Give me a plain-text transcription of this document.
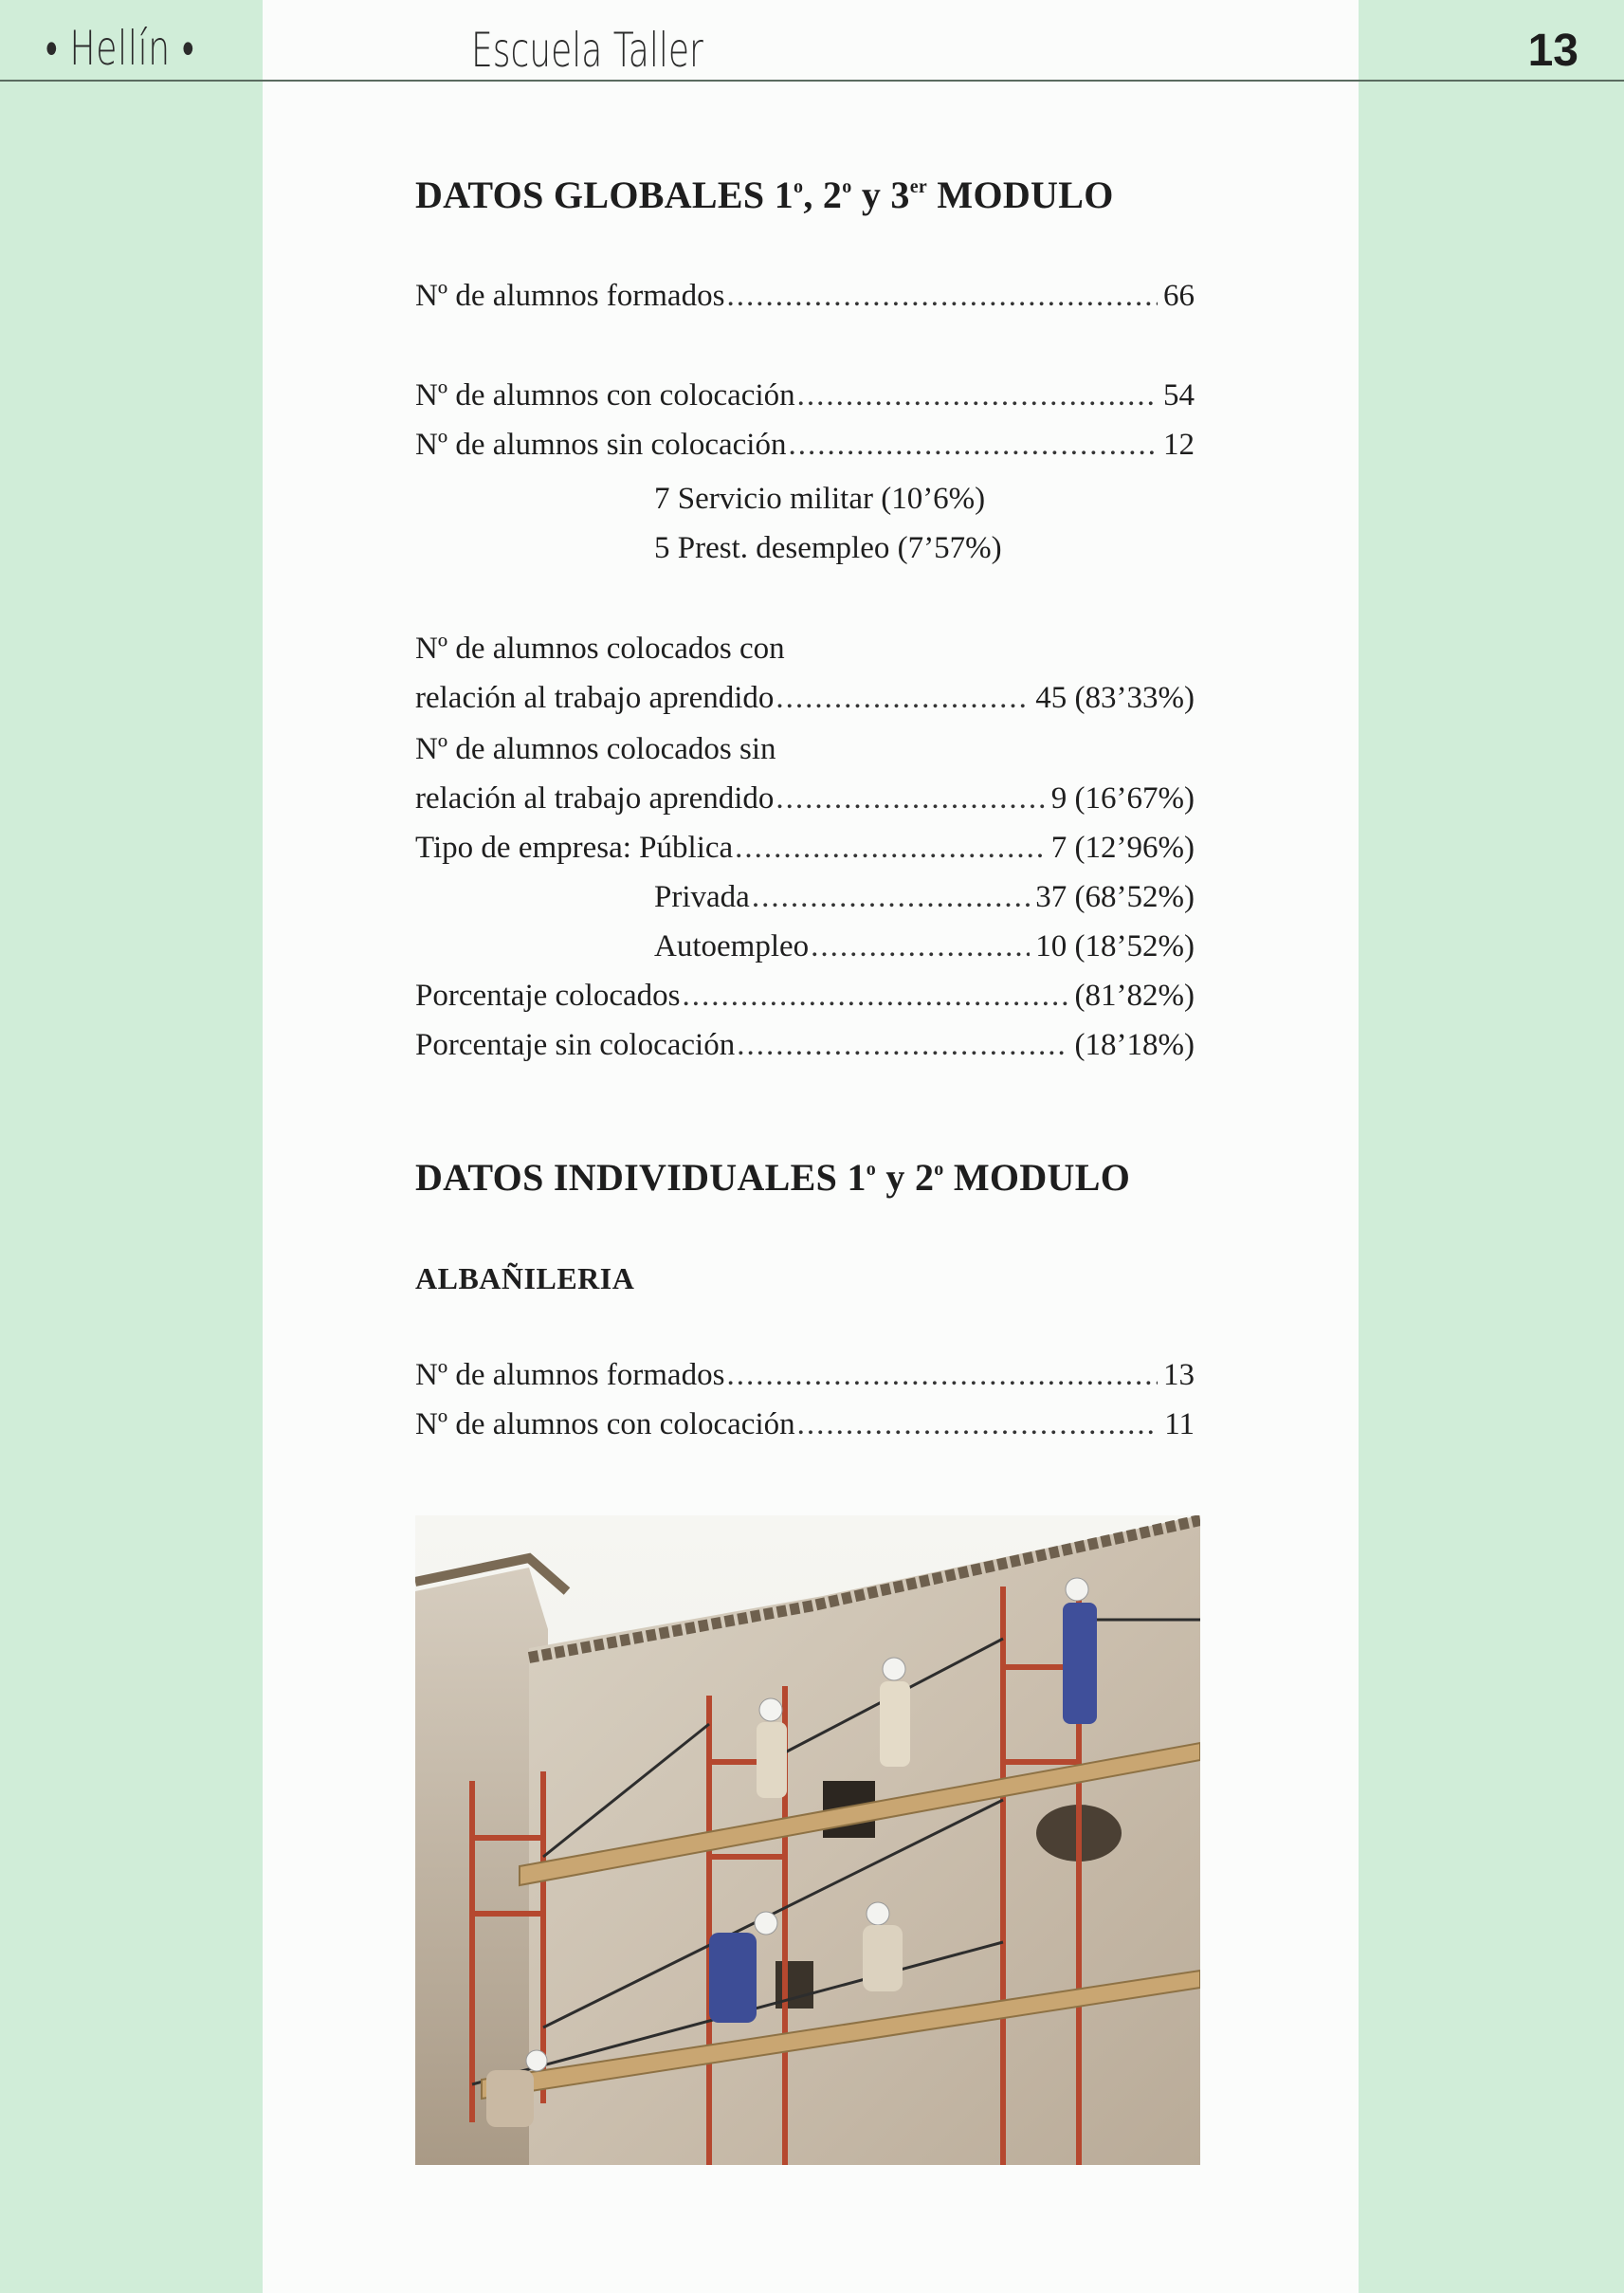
• Hellín •	Escuela Taller	13
DATOS GLOBALES 1$^o$, 2$^o$ y 3er MODULO
Nº de alumnos formados .....	66
Nº de alumnos con colocación .....	54
Nº de alumnos sin colocación .....	12
7 Servicio militar (10’6%)
5 Prest. desempleo (7’57%)
Nº de alumnos colocados con
relación al trabajo aprendido .....	45 (83’33%)
Nº de alumnos colocados sin
relación al trabajo aprendido .....	9 (16’67%)
Tipo de empresa: Pública .....	7 (12’96%)
Privada .....	37 (68’52%)
Autoempleo .....	10 (18’52%)
Porcentaje colocados .....	(81’82%)
Porcentaje sin colocación .....	(18’18%)
DATOS INDIVIDUALES 1$^o$ y 2$^o$ MODULO
ALBAÑILERIA
Nº de alumnos formados .....	13
Nº de alumnos con colocación .....	11
